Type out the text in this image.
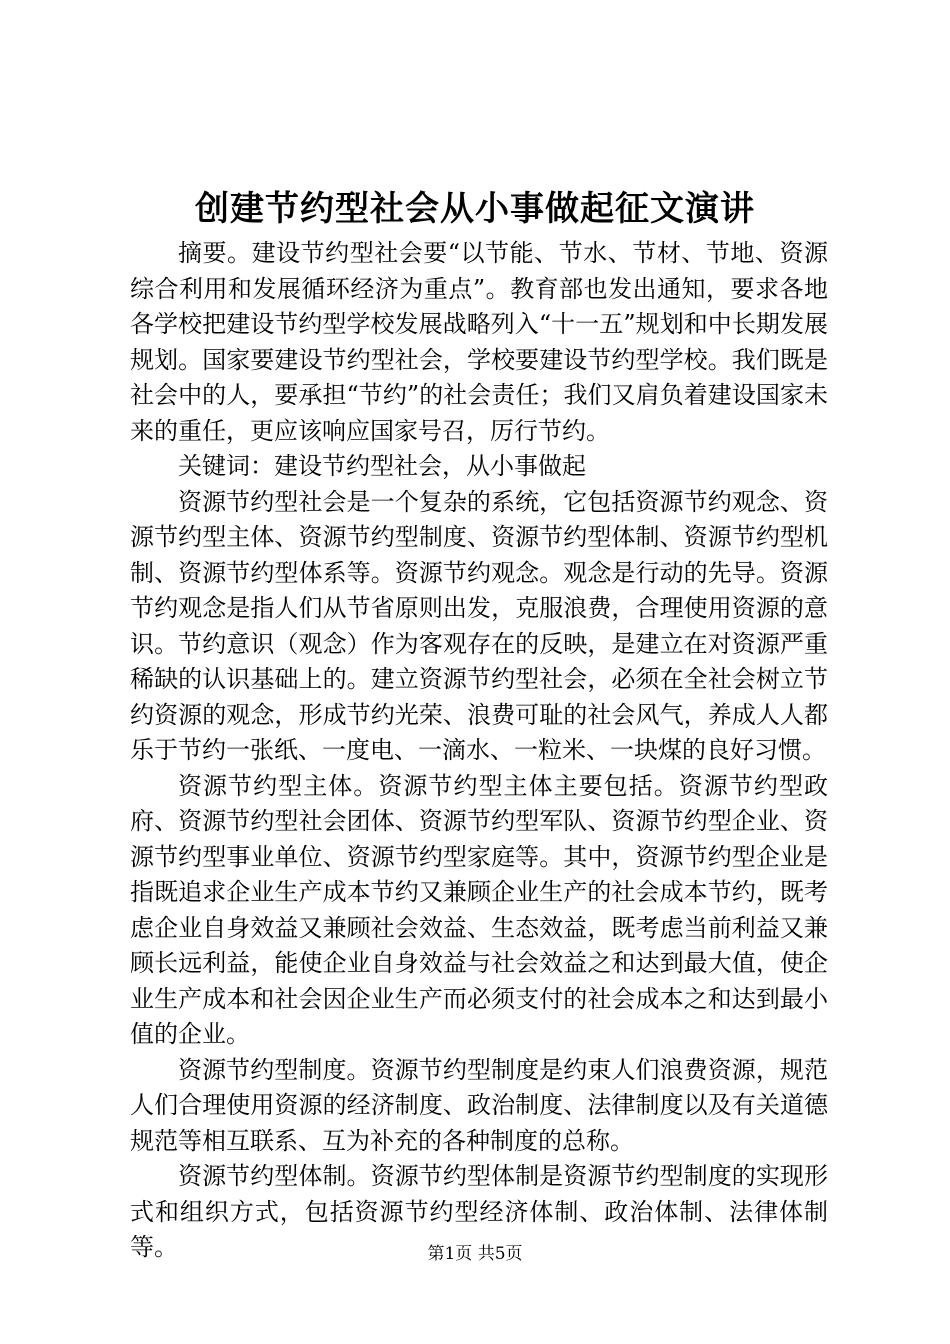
创建节约型社会从小事做起征文演讲

摘要。建设节约型社会要“以节能、节水、节材、节地、资源综合利用和发展循环经济为重点”。教育部也发出通知，要求各地各学校把建设节约型学校发展战略列入“十一五”规划和中长期发展规划。国家要建设节约型社会，学校要建设节约型学校。我们既是社会中的人，要承担“节约”的社会责任；我们又肩负着建设国家未来的重任，更应该响应国家号召，厉行节约。

关键词：建设节约型社会，从小事做起

资源节约型社会是一个复杂的系统，它包括资源节约观念、资源节约型主体、资源节约型制度、资源节约型体制、资源节约型机制、资源节约型体系等。资源节约观念。观念是行动的先导。资源节约观念是指人们从节省原则出发，克服浪费，合理使用资源的意识。节约意识（观念）作为客观存在的反映，是建立在对资源严重稀缺的认识基础上的。建立资源节约型社会，必须在全社会树立节约资源的观念，形成节约光荣、浪费可耻的社会风气，养成人人都乐于节约一张纸、一度电、一滴水、一粒米、一块煤的良好习惯。

资源节约型主体。资源节约型主体主要包括。资源节约型政府、资源节约型社会团体、资源节约型军队、资源节约型企业、资源节约型事业单位、资源节约型家庭等。其中，资源节约型企业是指既追求企业生产成本节约又兼顾企业生产的社会成本节约，既考虑企业自身效益又兼顾社会效益、生态效益，既考虑当前利益又兼顾长远利益，能使企业自身效益与社会效益之和达到最大值，使企业生产成本和社会因企业生产而必须支付的社会成本之和达到最小值的企业。

资源节约型制度。资源节约型制度是约束人们浪费资源，规范人们合理使用资源的经济制度、政治制度、法律制度以及有关道德规范等相互联系、互为补充的各种制度的总称。

资源节约型体制。资源节约型体制是资源节约型制度的实现形式和组织方式，包括资源节约型经济体制、政治体制、法律体制等。	第1页 共5页
